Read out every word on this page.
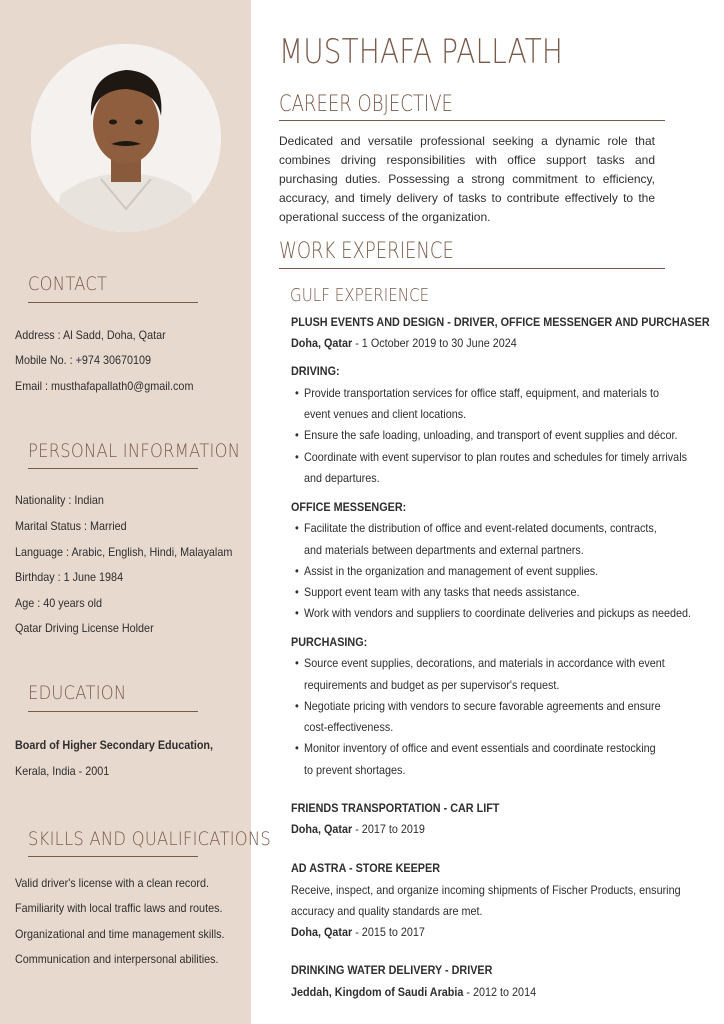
CONTACT
Address : Al Sadd, Doha, Qatar
Mobile No. : +974 30670109
Email : musthafapallath0@gmail.com
PERSONAL INFORMATION
Nationality : Indian
Marital Status : Married
Language : Arabic, English, Hindi, Malayalam
Birthday : 1 June 1984
Age : 40 years old
Qatar Driving License Holder
EDUCATION
Board of Higher Secondary Education,
Kerala, India - 2001
SKILLS AND QUALIFICATIONS
Valid driver's license with a clean record.
Familiarity with local traffic laws and routes.
Organizational and time management skills.
Communication and interpersonal abilities.
MUSTHAFA PALLATH
CAREER OBJECTIVE
Dedicated and versatile professional seeking a dynamic role that combines driving responsibilities with office support tasks and purchasing duties. Possessing a strong commitment to efficiency, accuracy, and timely delivery of tasks to contribute effectively to the operational success of the organization.
WORK EXPERIENCE
GULF EXPERIENCE
PLUSH EVENTS AND DESIGN - DRIVER, OFFICE MESSENGER AND PURCHASER
Doha, Qatar - 1 October 2019 to 30 June 2024
DRIVING:
• Provide transportation services for office staff, equipment, and materials to
event venues and client locations.
• Ensure the safe loading, unloading, and transport of event supplies and décor.
• Coordinate with event supervisor to plan routes and schedules for timely arrivals
and departures.
OFFICE MESSENGER:
• Facilitate the distribution of office and event-related documents, contracts,
and materials between departments and external partners.
• Assist in the organization and management of event supplies.
• Support event team with any tasks that needs assistance.
• Work with vendors and suppliers to coordinate deliveries and pickups as needed.
PURCHASING:
• Source event supplies, decorations, and materials in accordance with event
requirements and budget as per supervisor's request.
• Negotiate pricing with vendors to secure favorable agreements and ensure
cost-effectiveness.
• Monitor inventory of office and event essentials and coordinate restocking
to prevent shortages.
FRIENDS TRANSPORTATION - CAR LIFT
Doha, Qatar - 2017 to 2019
AD ASTRA - STORE KEEPER
Receive, inspect, and organize incoming shipments of Fischer Products, ensuring
accuracy and quality standards are met.
Doha, Qatar - 2015 to 2017
DRINKING WATER DELIVERY - DRIVER
Jeddah, Kingdom of Saudi Arabia - 2012 to 2014
